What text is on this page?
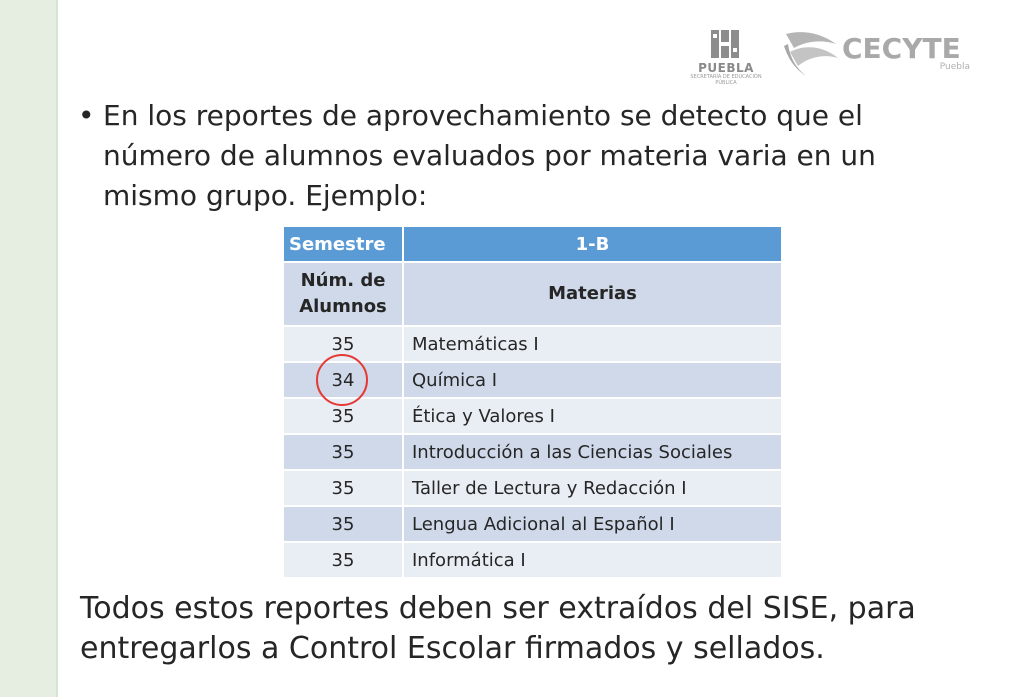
PUEBLA
SECRETARÍA DE EDUCACIÓN PÚBLICA
CECYTE
Puebla
• En los reportes de aprovechamiento se detecto que el número de alumnos evaluados por materia varia en un mismo grupo. Ejemplo:

Semestre	1-B
Núm. de Alumnos	Materias
35	Matemáticas I
34	Química I
35	Ética y Valores I
35	Introducción a las Ciencias Sociales
35	Taller de Lectura y Redacción I
35	Lengua Adicional al Español I
35	Informática I

Todos estos reportes deben ser extraídos del SISE, para entregarlos a Control Escolar firmados y sellados.
